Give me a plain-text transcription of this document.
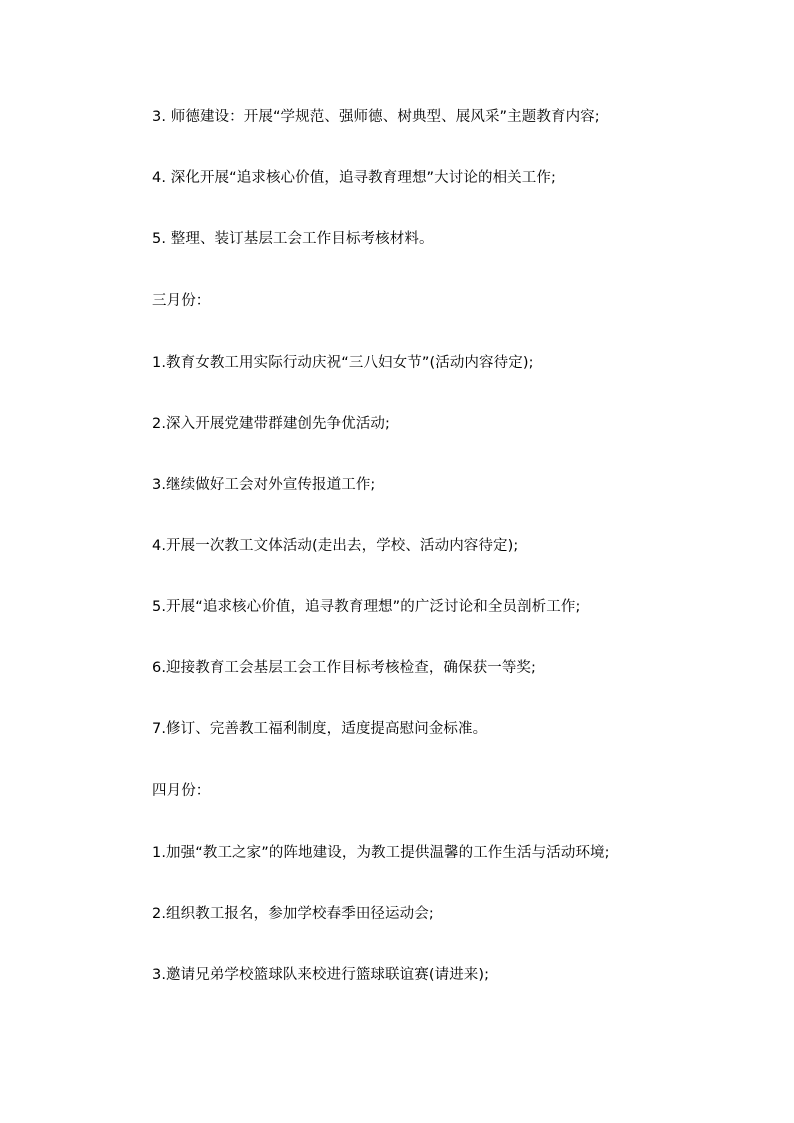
3. 师德建设：开展“学规范、强师德、树典型、展风采”主题教育内容;
4. 深化开展“追求核心价值，追寻教育理想”大讨论的相关工作;
5. 整理、装订基层工会工作目标考核材料。
三月份：
1.教育女教工用实际行动庆祝“三八妇女节”(活动内容待定);
2.深入开展党建带群建创先争优活动;
3.继续做好工会对外宣传报道工作;
4.开展一次教工文体活动(走出去，学校、活动内容待定);
5.开展“追求核心价值，追寻教育理想”的广泛讨论和全员剖析工作;
6.迎接教育工会基层工会工作目标考核检查，确保获一等奖;
7.修订、完善教工福利制度，适度提高慰问金标准。
四月份：
1.加强“教工之家”的阵地建设，为教工提供温馨的工作生活与活动环境;
2.组织教工报名，参加学校春季田径运动会;
3.邀请兄弟学校篮球队来校进行篮球联谊赛(请进来);
